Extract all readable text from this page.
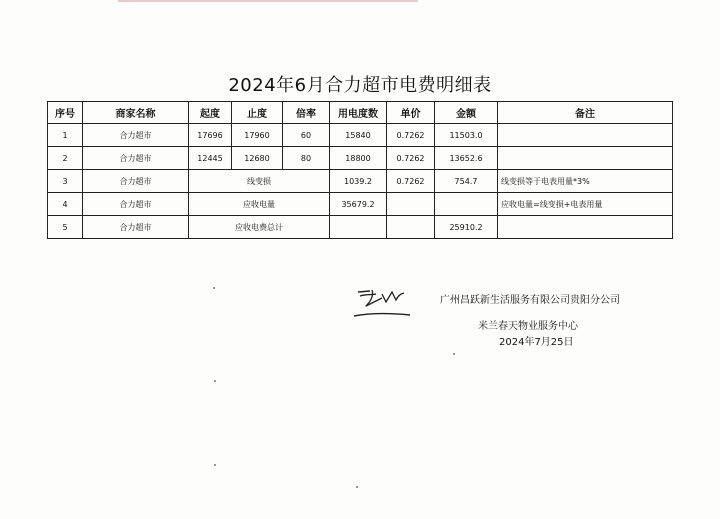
2024年6月合力超市电费明细表
序号	商家名称	起度	止度	倍率	用电度数	单价	金额	备注
1	合力超市	17696	17960	60	15840	0.7262	11503.0	
2	合力超市	12445	12680	80	18800	0.7262	13652.6	
3	合力超市	线变损			1039.2	0.7262	754.7	线变损等于电表用量*3%
4	合力超市	应收电量			35679.2			应收电量=线变损+电表用量
5	合力超市	应收电费总计					25910.2	
广州昌跃新生活服务有限公司贵阳分公司
米兰春天物业服务中心
2024年7月25日
